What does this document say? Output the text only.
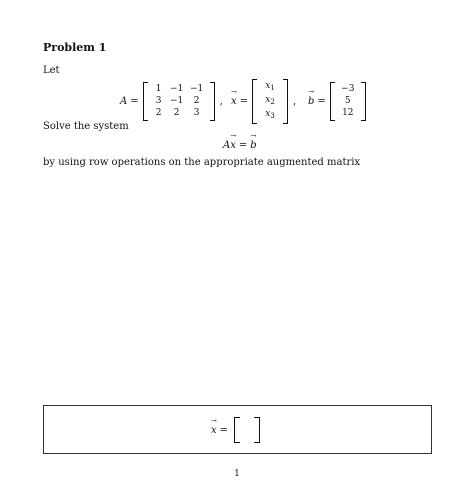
Problem 1
Let
A =
1 −1 −1
3 −1	2
2	2	3
,
→
x =
$x_1$
$x_2$
$x_3$
,
→
b =
−3
5
12
Solve the system
A
→
x =
→
b
by using row operations on the appropriate augmented matrix
→
x =
1
